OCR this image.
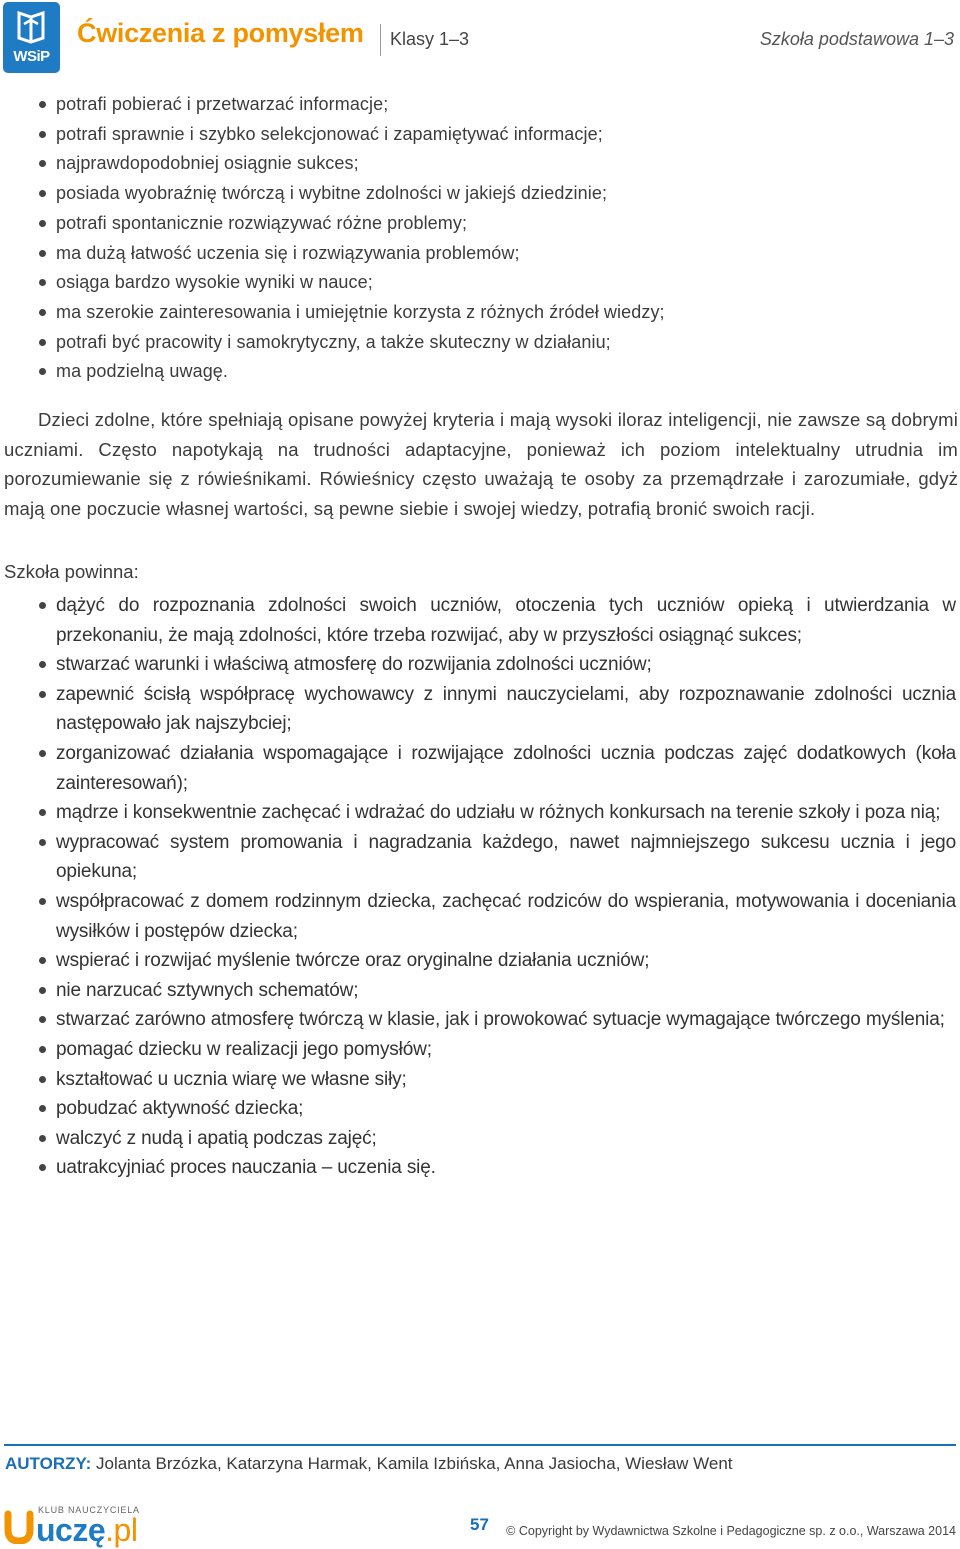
WSiP
Ćwiczenia z pomysłem Klasy 1–3	Szkoła podstawowa 1–3
potrafi pobierać i przetwarzać informacje;
potrafi sprawnie i szybko selekcjonować i zapamiętywać informacje;
najprawdopodobniej osiągnie sukces;
posiada wyobraźnię twórczą i wybitne zdolności w jakiejś dziedzinie;
potrafi spontanicznie rozwiązywać różne problemy;
ma dużą łatwość uczenia się i rozwiązywania problemów;
osiąga bardzo wysokie wyniki w nauce;
ma szerokie zainteresowania i umiejętnie korzysta z różnych źródeł wiedzy;
potrafi być pracowity i samokrytyczny, a także skuteczny w działaniu;
ma podzielną uwagę.

Dzieci zdolne, które spełniają opisane powyżej kryteria i mają wysoki iloraz inteligencji, nie zawsze są dobrymi uczniami. Często napotykają na trudności adaptacyjne, ponieważ ich poziom intelektualny utrudnia im porozumiewanie się z rówieśnikami. Rówieśnicy często uważają te osoby za przemądrzałe i zarozumiałe, gdyż mają one poczucie własnej wartości, są pewne siebie i swojej wiedzy, potrafią bronić swoich racji.

Szkoła powinna:
dążyć do rozpoznania zdolności swoich uczniów, otoczenia tych uczniów opieką i utwierdzania w przekonaniu, że mają zdolności, które trzeba rozwijać, aby w przyszłości osiągnąć sukces;
stwarzać warunki i właściwą atmosferę do rozwijania zdolności uczniów;
zapewnić ścisłą współpracę wychowawcy z innymi nauczycielami, aby rozpoznawanie zdolności ucznia następowało jak najszybciej;
zorganizować działania wspomagające i rozwijające zdolności ucznia podczas zajęć dodatkowych (koła zainteresowań);
mądrze i konsekwentnie zachęcać i wdrażać do udziału w różnych konkursach na terenie szkoły i poza nią;
wypracować system promowania i nagradzania każdego, nawet najmniejszego sukcesu ucznia i jego opiekuna;
współpracować z domem rodzinnym dziecka, zachęcać rodziców do wspierania, motywowania i doceniania wysiłków i postępów dziecka;
wspierać i rozwijać myślenie twórcze oraz oryginalne działania uczniów;
nie narzucać sztywnych schematów;
stwarzać zarówno atmosferę twórczą w klasie, jak i prowokować sytuacje wymagające twórczego myślenia;
pomagać dziecku w realizacji jego pomysłów;
kształtować u ucznia wiarę we własne siły;
pobudzać aktywność dziecka;
walczyć z nudą i apatią podczas zajęć;
uatrakcyjniać proces nauczania – uczenia się.
AUTORZY: Jolanta Brzózka, Katarzyna Harmak, Kamila Izbińska, Anna Jasiocha, Wiesław Went
KLUB NAUCZYCIELA
uczę.pl	57 © Copyright by Wydawnictwa Szkolne i Pedagogiczne sp. z o.o., Warszawa 2014
